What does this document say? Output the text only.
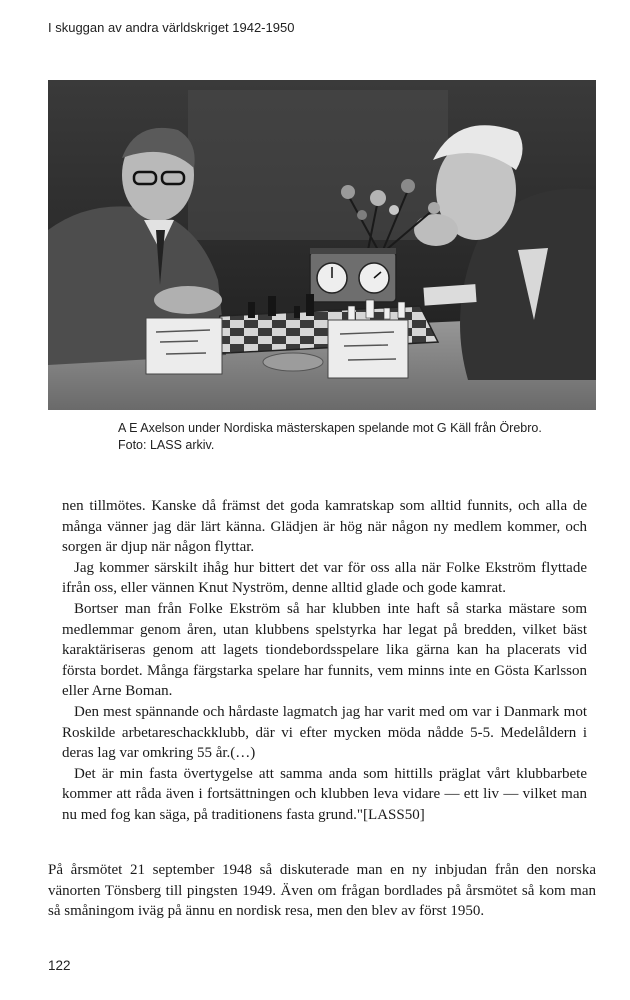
I skuggan av andra världskriget 1942-1950
A E Axelson under Nordiska mästerskapen spelande mot G Käll från Örebro. Foto: LASS arkiv.

nen tillmötes. Kanske då främst det goda kamratskap som alltid funnits, och alla de många vänner jag där lärt känna. Glädjen är hög när någon ny medlem kommer, och sorgen är djup när någon flyttar.

Jag kommer särskilt ihåg hur bittert det var för oss alla när Folke Ekström flyttade ifrån oss, eller vännen Knut Nyström, denne alltid glade och gode kamrat.

Bortser man från Folke Ekström så har klubben inte haft så starka mästare som medlemmar genom åren, utan klubbens spelstyrka har legat på bredden, vilket bäst karaktäriseras genom att lagets tiondebordsspelare lika gärna kan ha placerats vid första bordet. Många färgstarka spelare har funnits, vem minns inte en Gösta Karlsson eller Arne Boman.

Den mest spännande och hårdaste lagmatch jag har varit med om var i Danmark mot Roskilde arbetareschackklubb, där vi efter mycken möda nådde 5-5. Medelåldern i deras lag var omkring 55 år.(…)

Det är min fasta övertygelse att samma anda som hittills präglat vårt klubbarbete kommer att råda även i fortsättningen och klubben leva vidare — ett liv — vilket man nu med fog kan säga, på traditionens fasta grund."[LASS50]

På årsmötet 21 september 1948 så diskuterade man en ny inbjudan från den norska vänorten Tönsberg till pingsten 1949. Även om frågan bordlades på årsmötet så kom man så småningom iväg på ännu en nordisk resa, men den blev av först 1950.

122
